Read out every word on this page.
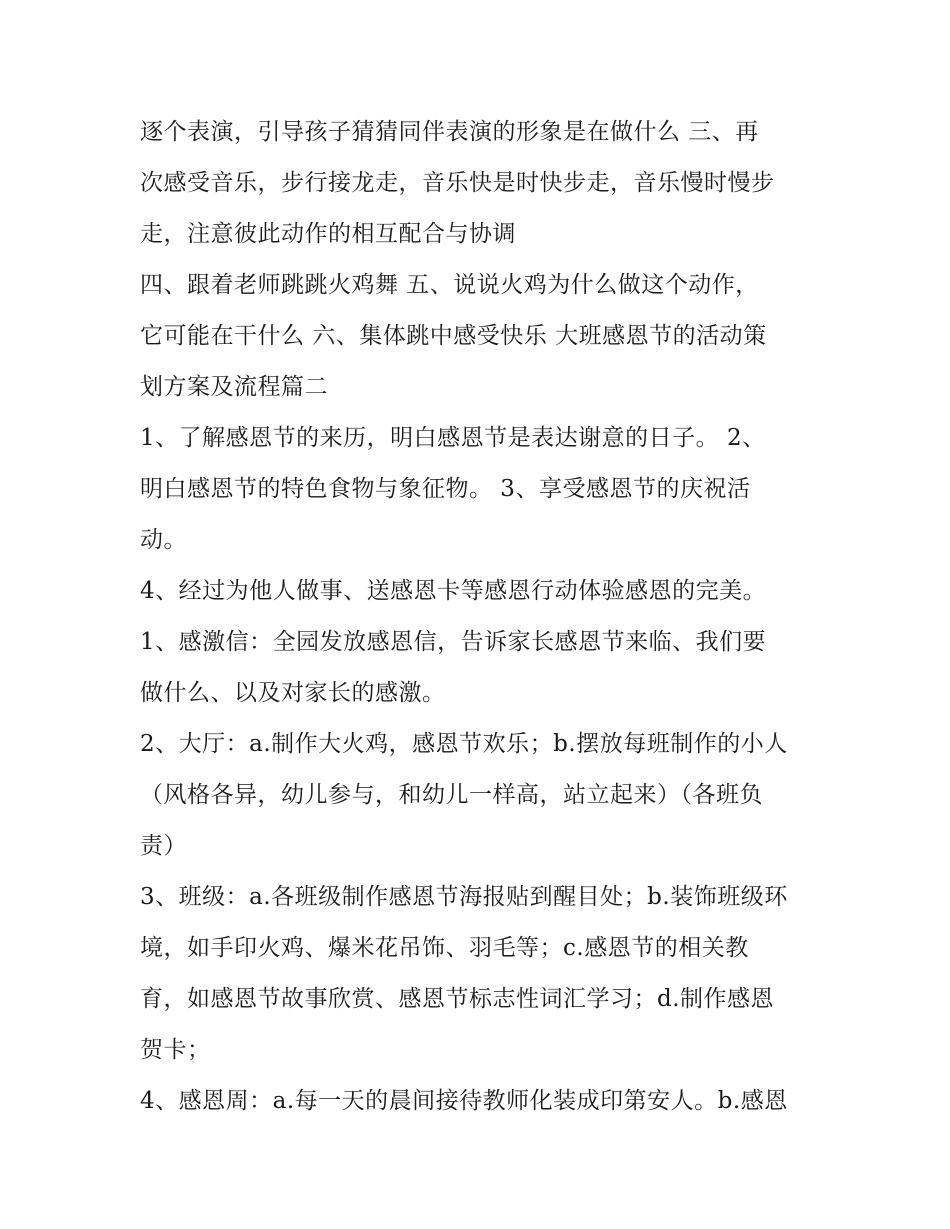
逐个表演，引导孩子猜猜同伴表演的形象是在做什么 三、再
次感受音乐，步行接龙走，音乐快是时快步走，音乐慢时慢步
走，注意彼此动作的相互配合与协调
四、跟着老师跳跳火鸡舞 五、说说火鸡为什么做这个动作，
它可能在干什么 六、集体跳中感受快乐 大班感恩节的活动策
划方案及流程篇二
1、了解感恩节的来历，明白感恩节是表达谢意的日子。 2、
明白感恩节的特色食物与象征物。 3、享受感恩节的庆祝活
动。
4、经过为他人做事、送感恩卡等感恩行动体验感恩的完美。
1、感激信：全园发放感恩信，告诉家长感恩节来临、我们要
做什么、以及对家长的感激。
2、大厅：a.制作大火鸡，感恩节欢乐；b.摆放每班制作的小人
（风格各异，幼儿参与，和幼儿一样高，站立起来）（各班负
责）
3、班级：a.各班级制作感恩节海报贴到醒目处；b.装饰班级环
境，如手印火鸡、爆米花吊饰、羽毛等；c.感恩节的相关教
育，如感恩节故事欣赏、感恩节标志性词汇学习；d.制作感恩
贺卡；
4、感恩周：a.每一天的晨间接待教师化装成印第安人。b.感恩
